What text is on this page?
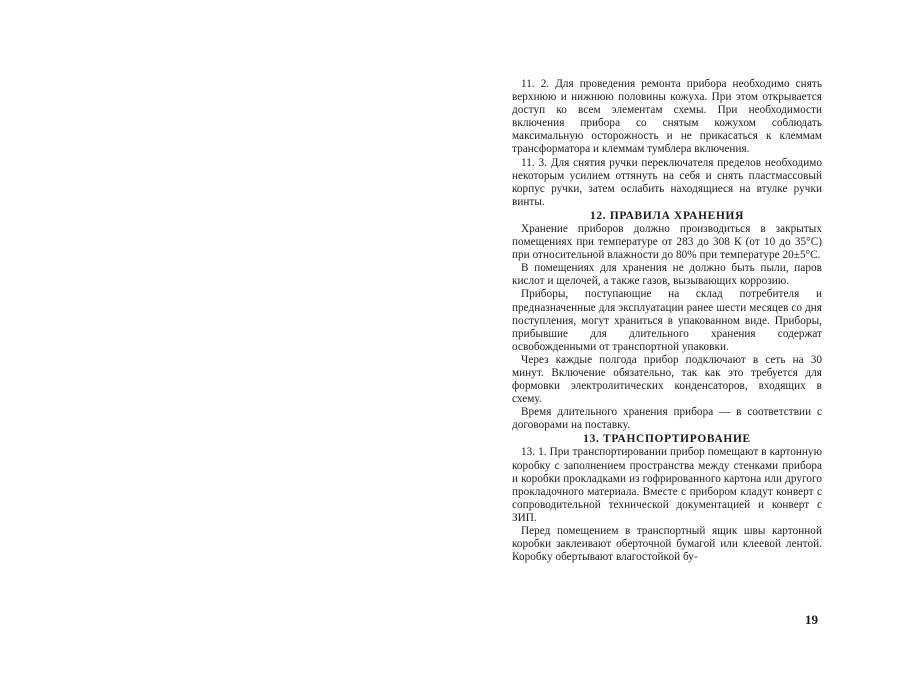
11. 2. Для проведения ремонта прибора необходимо снять верхнюю и нижнюю половины кожуха. При этом открывается доступ ко всем элементам схемы. При необходимости включения прибора со снятым кожухом соблюдать максимальную осторожность и не прикасаться к клеммам трансформатора и клеммам тумблера включения.

11. 3. Для снятия ручки переключателя пределов необходимо некоторым усилием оттянуть на себя и снять пластмассовый корпус ручки, затем ослабить находящиеся на втулке ручки винты.

12. ПРАВИЛА ХРАНЕНИЯ

Хранение приборов должно производиться в закрытых помещениях при температуре от 283 до 308 К (от 10 до 35°С) при относительной влажности до 80% при температуре 20±5°С.

В помещениях для хранения не должно быть пыли, паров кислот и щелочей, а также газов, вызывающих коррозию.

Приборы, поступающие на склад потребителя и предназначенные для эксплуатации ранее шести месяцев со дня поступления, могут храниться в упакованном виде. Приборы, прибывшие для длительного хранения содержат освобожденными от транспортной упаковки.

Через каждые полгода прибор подключают в сеть на 30 минут. Включение обязательно, так как это требуется для формовки электролитических конденсаторов, входящих в схему.

Время длительного хранения прибора — в соответствии с договорами на поставку.

13. ТРАНСПОРТИРОВАНИЕ

13. 1. При транспортировании прибор помещают в картонную коробку с заполнением пространства между стенками прибора и коробки прокладками из гофрированного картона или другого прокладочного материала. Вместе с прибором кладут конверт с сопроводительной технической документацией и конверт с ЗИП.

Перед помещением в транспортный ящик швы картонной коробки заклеивают оберточной бумагой или клеевой лентой. Коробку обертывают влагостойкой бу-

19
